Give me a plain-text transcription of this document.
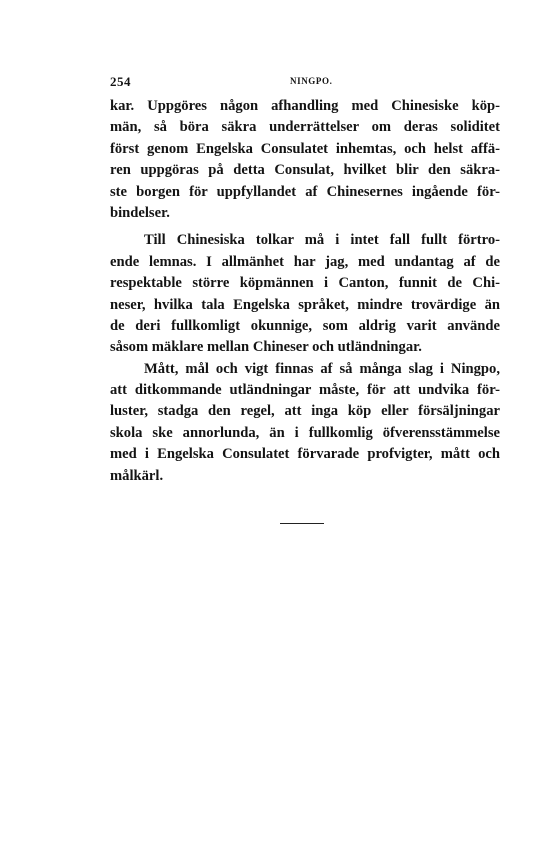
254	NINGPO.
kar. Uppgöres någon afhandling med Chinesiske köp-
män, så böra säkra underrättelser om deras soliditet
först genom Engelska Consulatet inhemtas, och helst affä-
ren uppgöras på detta Consulat, hvilket blir den säkra-
ste borgen för uppfyllandet af Chinesernes ingående för-
bindelser.
Till Chinesiska tolkar må i intet fall fullt förtro-
ende lemnas. I allmänhet har jag, med undantag af de
respektable större köpmännen i Canton, funnit de Chi-
neser, hvilka tala Engelska språket, mindre trovärdige än
de deri fullkomligt okunnige, som aldrig varit använde
såsom mäklare mellan Chineser och utländningar.
Mått, mål och vigt finnas af så många slag i Ningpo,
att ditkommande utländningar måste, för att undvika för-
luster, stadga den regel, att inga köp eller försäljningar
skola ske annorlunda, än i fullkomlig öfverensstämmelse
med i Engelska Consulatet förvarade profvigter, mått och
målkärl.
